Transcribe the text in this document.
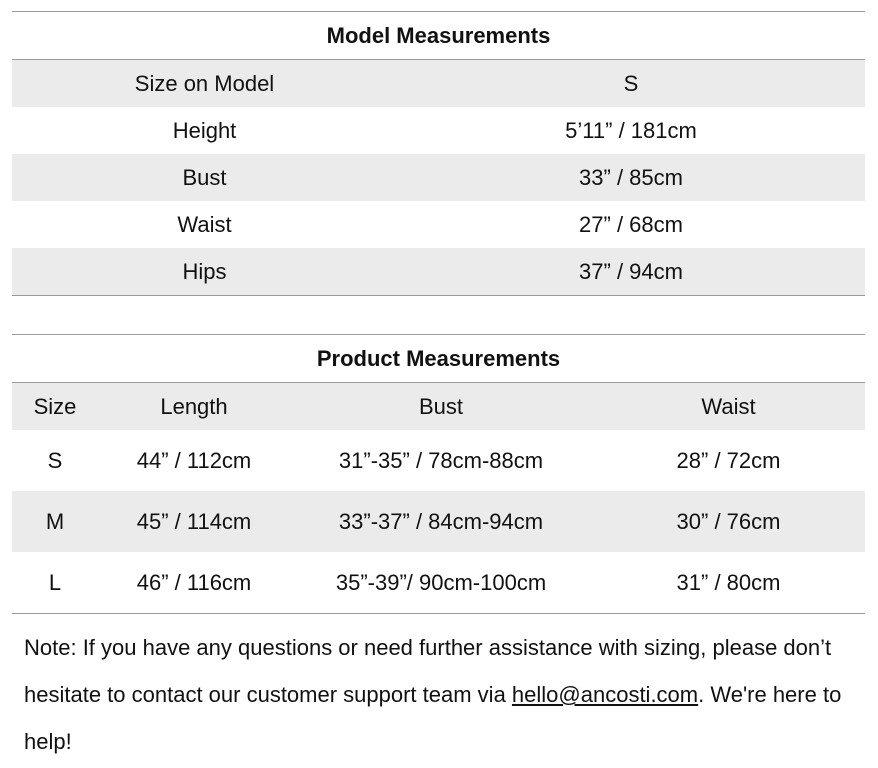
Model Measurements
Size on Model	S
Height	5’11” / 181cm
Bust	33” / 85cm
Waist	27” / 68cm
Hips	37” / 94cm
Product Measurements
Size	Length	Bust	Waist
S	44” / 112cm	31”-35” / 78cm-88cm	28” / 72cm
M	45” / 114cm	33”-37” / 84cm-94cm	30” / 76cm
L	46” / 116cm	35”-39”/ 90cm-100cm	31” / 80cm
Note: If you have any questions or need further assistance with sizing, please don’t hesitate to contact our customer support team via hello@ancosti.com. We're here to help!
